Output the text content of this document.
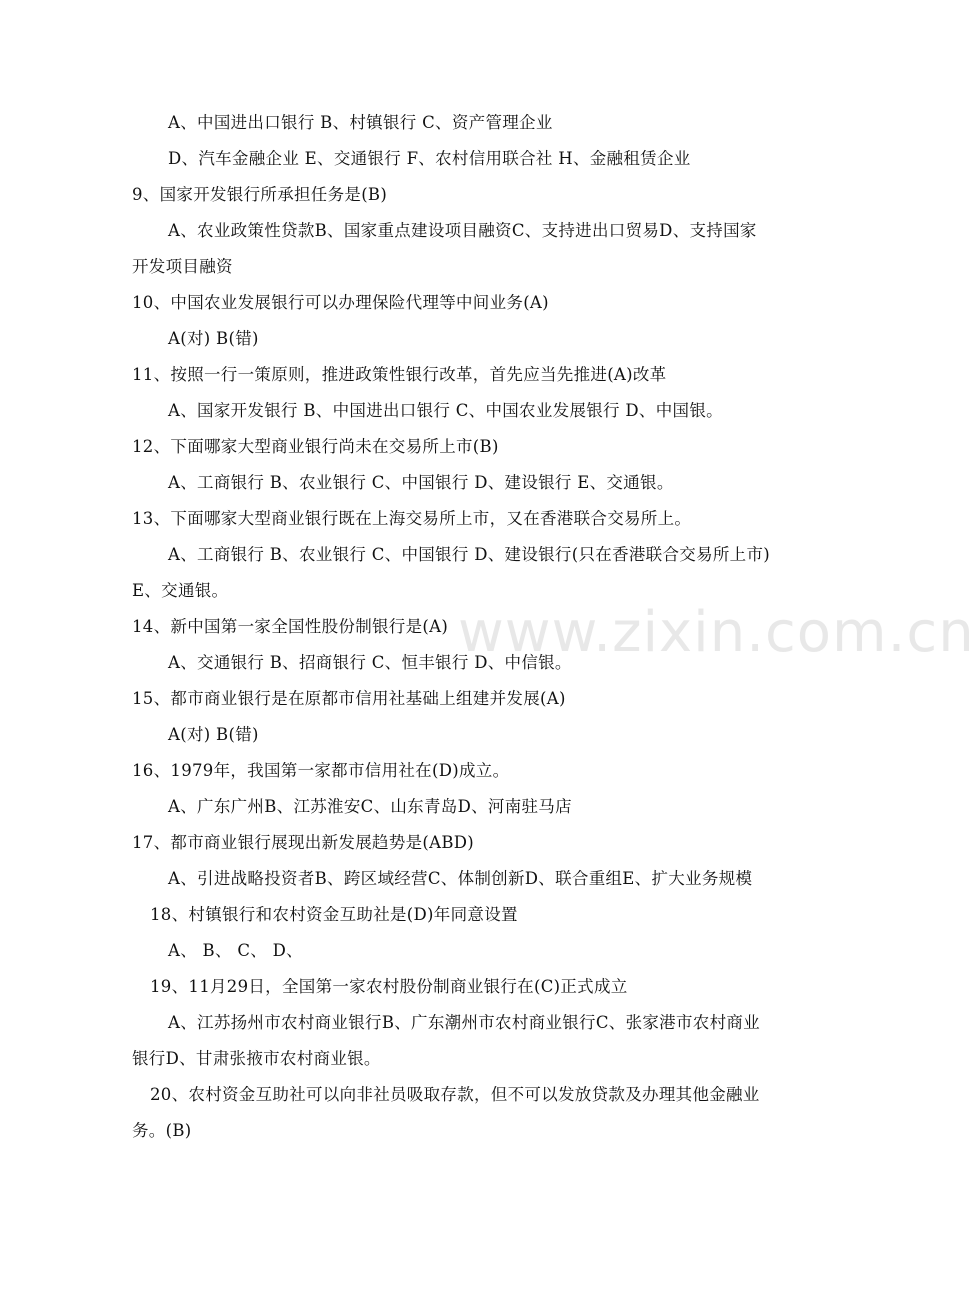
www.zixin.com.cn
A、中国进出口银行 B、村镇银行 C、资产管理企业
D、汽车金融企业 E、交通银行 F、农村信用联合社 H、金融租赁企业
9、国家开发银行所承担任务是(B)
A、农业政策性贷款B、国家重点建设项目融资C、支持进出口贸易D、支持国家
开发项目融资
10、中国农业发展银行可以办理保险代理等中间业务(A)
A(对) B(错)
11、按照一行一策原则，推进政策性银行改革，首先应当先推进(A)改革
A、国家开发银行 B、中国进出口银行 C、中国农业发展银行 D、中国银。
12、下面哪家大型商业银行尚未在交易所上市(B)
A、工商银行 B、农业银行 C、中国银行 D、建设银行 E、交通银。
13、下面哪家大型商业银行既在上海交易所上市，又在香港联合交易所上。
A、工商银行 B、农业银行 C、中国银行 D、建设银行(只在香港联合交易所上市)
E、交通银。
14、新中国第一家全国性股份制银行是(A)
A、交通银行 B、招商银行 C、恒丰银行 D、中信银。
15、都市商业银行是在原都市信用社基础上组建并发展(A)
A(对) B(错)
16、1979年，我国第一家都市信用社在(D)成立。
A、广东广州B、江苏淮安C、山东青岛D、河南驻马店
17、都市商业银行展现出新发展趋势是(ABD)
A、引进战略投资者B、跨区域经营C、体制创新D、联合重组E、扩大业务规模
18、村镇银行和农村资金互助社是(D)年同意设置
A、 B、 C、 D、
19、11月29日，全国第一家农村股份制商业银行在(C)正式成立
A、江苏扬州市农村商业银行B、广东潮州市农村商业银行C、张家港市农村商业
银行D、甘肃张掖市农村商业银。
20、农村资金互助社可以向非社员吸取存款，但不可以发放贷款及办理其他金融业
务。(B)
